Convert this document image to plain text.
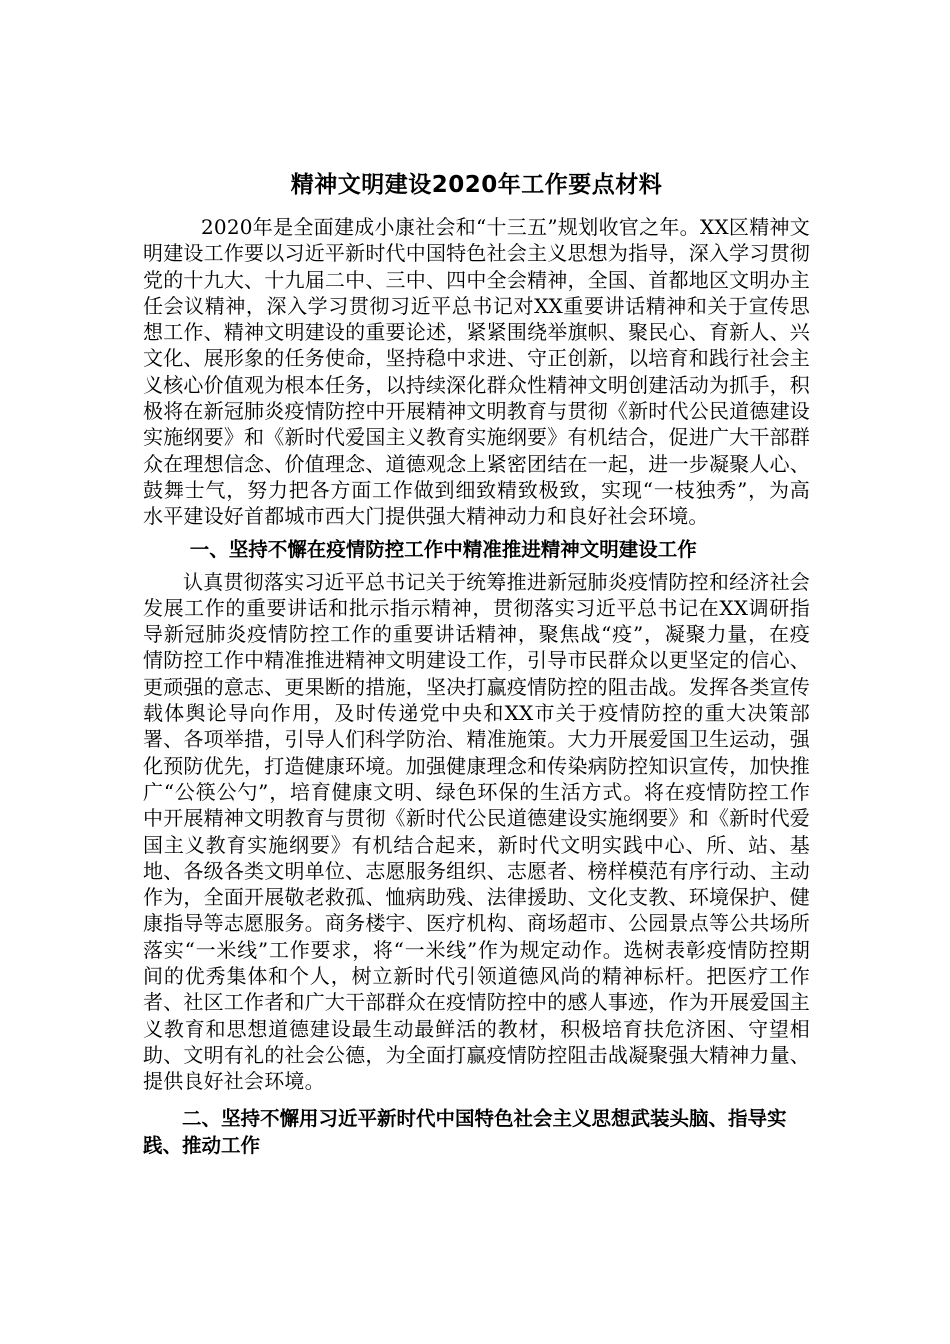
精神文明建设2020年工作要点材料

2020年是全面建成小康社会和“十三五”规划收官之年。XX区精神文明建设工作要以习近平新时代中国特色社会主义思想为指导，深入学习贯彻党的十九大、十九届二中、三中、四中全会精神，全国、首都地区文明办主任会议精神，深入学习贯彻习近平总书记对XX重要讲话精神和关于宣传思想工作、精神文明建设的重要论述，紧紧围绕举旗帜、聚民心、育新人、兴文化、展形象的任务使命，坚持稳中求进、守正创新，以培育和践行社会主义核心价值观为根本任务，以持续深化群众性精神文明创建活动为抓手，积极将在新冠肺炎疫情防控中开展精神文明教育与贯彻《新时代公民道德建设实施纲要》和《新时代爱国主义教育实施纲要》有机结合，促进广大干部群众在理想信念、价值理念、道德观念上紧密团结在一起，进一步凝聚人心、鼓舞士气，努力把各方面工作做到细致精致极致，实现“一枝独秀”，为高水平建设好首都城市西大门提供强大精神动力和良好社会环境。

一、坚持不懈在疫情防控工作中精准推进精神文明建设工作

认真贯彻落实习近平总书记关于统筹推进新冠肺炎疫情防控和经济社会发展工作的重要讲话和批示指示精神，贯彻落实习近平总书记在XX调研指导新冠肺炎疫情防控工作的重要讲话精神，聚焦战“疫”，凝聚力量，在疫情防控工作中精准推进精神文明建设工作，引导市民群众以更坚定的信心、更顽强的意志、更果断的措施，坚决打赢疫情防控的阻击战。发挥各类宣传载体舆论导向作用，及时传递党中央和XX市关于疫情防控的重大决策部署、各项举措，引导人们科学防治、精准施策。大力开展爱国卫生运动，强化预防优先，打造健康环境。加强健康理念和传染病防控知识宣传，加快推广“公筷公勺”，培育健康文明、绿色环保的生活方式。将在疫情防控工作中开展精神文明教育与贯彻《新时代公民道德建设实施纲要》和《新时代爱国主义教育实施纲要》有机结合起来，新时代文明实践中心、所、站、基地、各级各类文明单位、志愿服务组织、志愿者、榜样模范有序行动、主动作为，全面开展敬老救孤、恤病助残、法律援助、文化支教、环境保护、健康指导等志愿服务。商务楼宇、医疗机构、商场超市、公园景点等公共场所落实“一米线”工作要求，将“一米线”作为规定动作。选树表彰疫情防控期间的优秀集体和个人，树立新时代引领道德风尚的精神标杆。把医疗工作者、社区工作者和广大干部群众在疫情防控中的感人事迹，作为开展爱国主义教育和思想道德建设最生动最鲜活的教材，积极培育扶危济困、守望相助、文明有礼的社会公德，为全面打赢疫情防控阻击战凝聚强大精神力量、提供良好社会环境。

二、坚持不懈用习近平新时代中国特色社会主义思想武装头脑、指导实践、推动工作
